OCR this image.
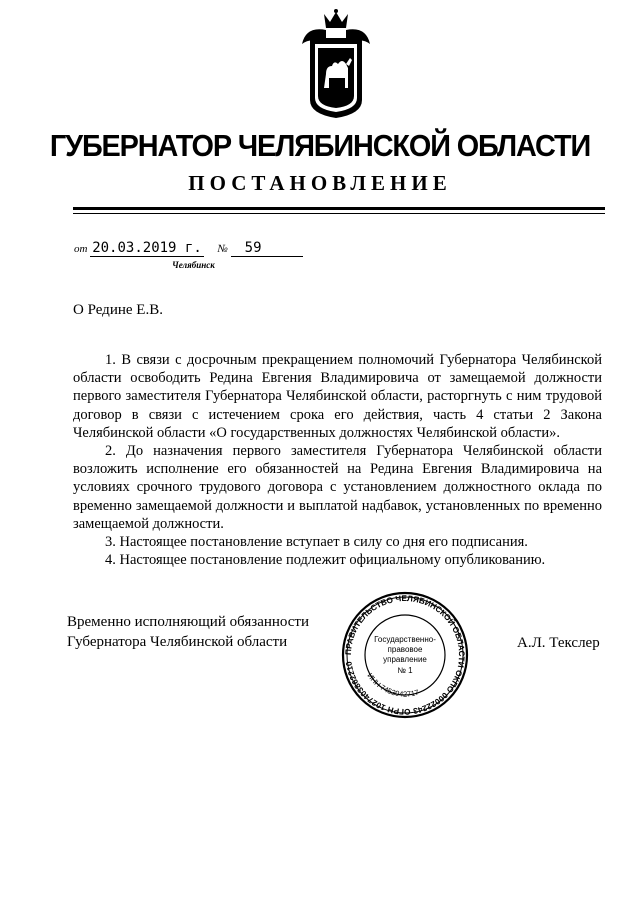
ГУБЕРНАТОР ЧЕЛЯБИНСКОЙ ОБЛАСТИ
ПОСТАНОВЛЕНИЕ
от 20.03.2019 г. № 59
Челябинск
О Редине Е.В.

1. В связи с досрочным прекращением полномочий Губернатора Челябинской области освободить Редина Евгения Владимировича от замещаемой должности первого заместителя Губернатора Челябинской области, расторгнуть с ним трудовой договор в связи с истечением срока его действия, часть 4 статьи 2 Закона Челябинской области «О государственных должностях Челябинской области».

2. До назначения первого заместителя Губернатора Челябинской области возложить исполнение его обязанностей на Редина Евгения Владимировича на условиях срочного трудового договора с установлением должностного оклада по временно замещаемой должности и выплатой надбавок, установленных по временно замещаемой должности.

3. Настоящее постановление вступает в силу со дня его подписания.

4. Настоящее постановление подлежит официальному опубликованию.

Временно исполняющий обязанности
Губернатора Челябинской области
ПРАВИТЕЛЬСТВО ЧЕЛЯБИНСКОЙ ОБЛАСТИ ОКПО 00022243 ОГРН 1027403862210
ИНН 7453042717
Государственно-
правовое
управление
№ 1
А.Л. Текслер
